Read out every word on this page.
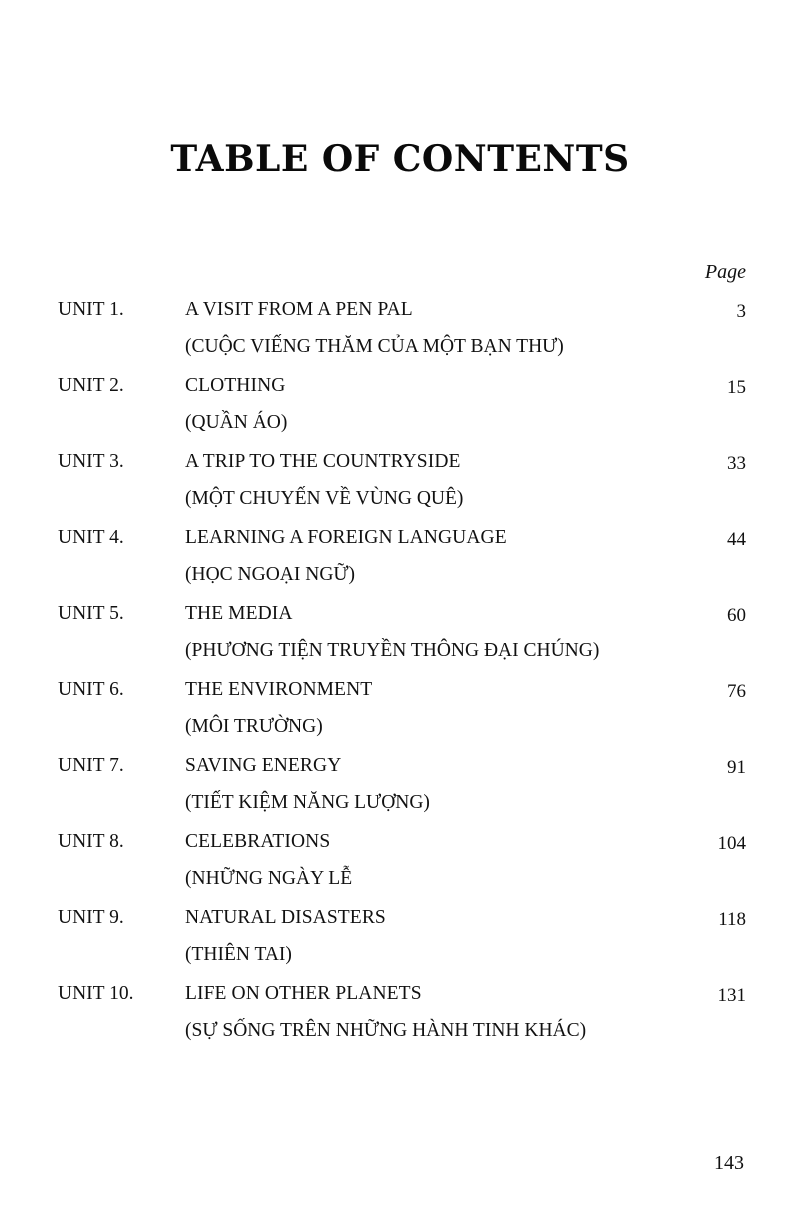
TABLE OF CONTENTS
Page
UNIT 1.	A VISIT FROM A PEN PAL	3
(CUỘC VIẾNG THĂM CỦA MỘT BẠN THƯ)
UNIT 2.	CLOTHING	15
(QUẦN ÁO)
UNIT 3.	A TRIP TO THE COUNTRYSIDE	33
(MỘT CHUYẾN VỀ VÙNG QUÊ)
UNIT 4.	LEARNING A FOREIGN LANGUAGE	44
(HỌC NGOẠI NGỮ)
UNIT 5.	THE MEDIA	60
(PHƯƠNG TIỆN TRUYỀN THÔNG ĐẠI CHÚNG)
UNIT 6.	THE ENVIRONMENT	76
(MÔI TRƯỜNG)
UNIT 7.	SAVING ENERGY	91
(TIẾT KIỆM NĂNG LƯỢNG)
UNIT 8.	CELEBRATIONS	104
(NHỮNG NGÀY LỄ
UNIT 9.	NATURAL DISASTERS	118
(THIÊN TAI)
UNIT 10.	LIFE ON OTHER PLANETS	131
(SỰ SỐNG TRÊN NHỮNG HÀNH TINH KHÁC)
143
